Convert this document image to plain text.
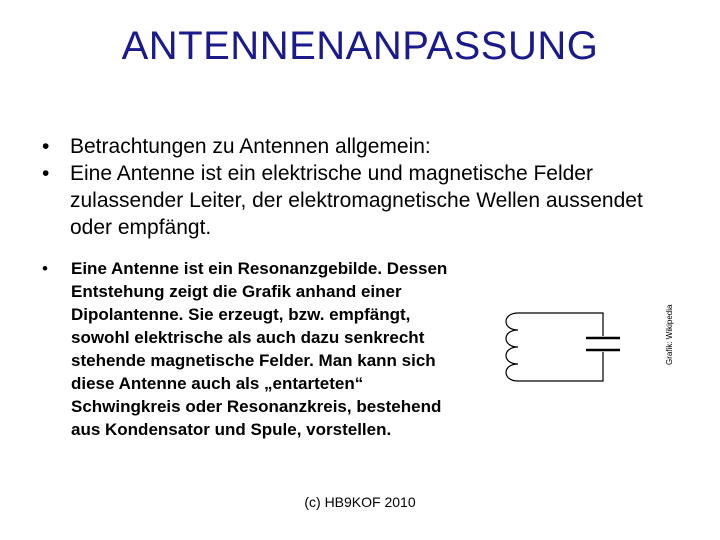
ANTENNENANPASSUNG
• Betrachtungen zu Antennen allgemein:
• Eine Antenne ist ein elektrische und magnetische Felder zulassender Leiter, der elektromagnetische Wellen aussendet oder empfängt.
•	Eine Antenne ist ein Resonanzgebilde. Dessen Entstehung zeigt die Grafik anhand einer Dipolantenne. Sie erzeugt, bzw. empfängt, sowohl elektrische als auch dazu senkrecht stehende magnetische Felder. Man kann sich diese Antenne auch als „entarteten“ Schwingkreis oder Resonanzkreis, bestehend aus Kondensator und Spule, vorstellen.
Grafik: Wikipedia
(c) HB9KOF 2010
